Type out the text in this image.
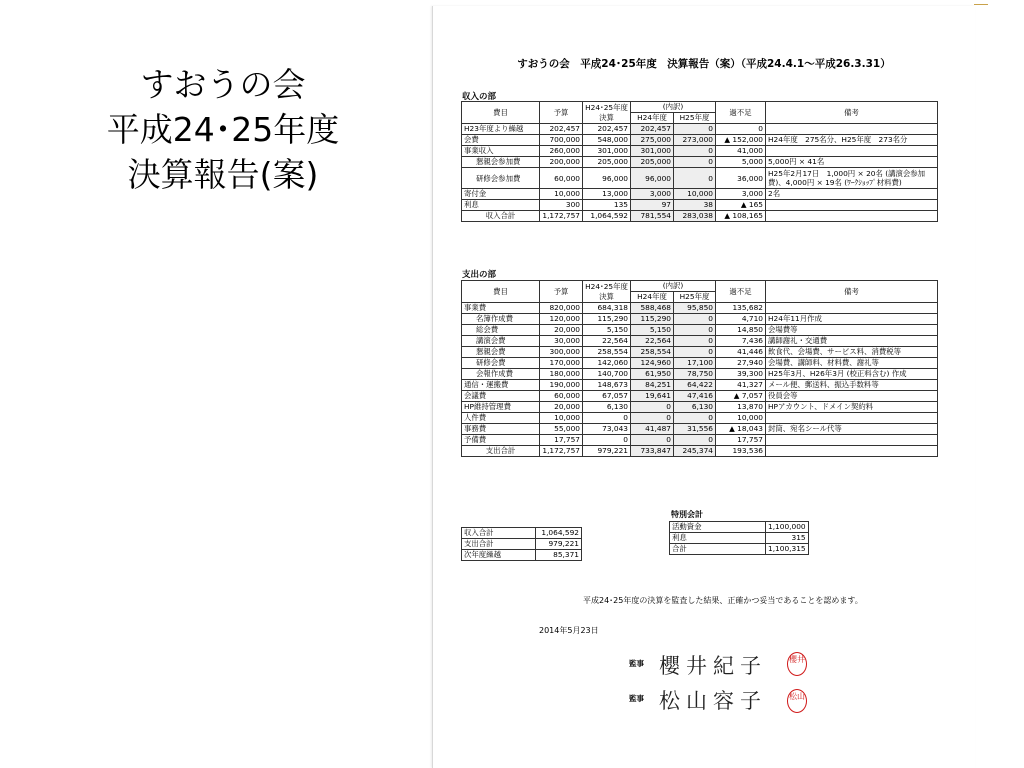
すおうの会
平成24･25年度
決算報告(案)
すおうの会　平成24･25年度　決算報告（案）（平成24.4.1～平成26.3.31）
収入の部
費目	予算	H24･25年度決算	(内訳)		過不足	備考
			H24年度	H25年度		
H23年度より繰越	202,457	202,457	202,457	0	0	
会費	700,000	548,000	275,000	273,000	▲ 152,000	H24年度　275名分、H25年度　273名分
事業収入	260,000	301,000	301,000	0	41,000	
懇親会参加費	200,000	205,000	205,000	0	5,000	5,000円 × 41名
研修会参加費	60,000	96,000	96,000	0	36,000	H25年2月17日　1,000円 × 20名 (講演会参加費)、4,000円 × 19名 (ﾜｰｸｼｮｯﾌﾟ材料費)
寄付金	10,000	13,000	3,000	10,000	3,000	2名
利息	300	135	97	38	▲ 165	
収入合計	1,172,757	1,064,592	781,554	283,038	▲ 108,165	
支出の部
費目	予算	H24･25年度決算	(内訳)		過不足	備考
			H24年度	H25年度		
事業費	820,000	684,318	588,468	95,850	135,682	
名簿作成費	120,000	115,290	115,290	0	4,710	H24年11月作成
総会費	20,000	5,150	5,150	0	14,850	会場費等
講演会費	30,000	22,564	22,564	0	7,436	講師謝礼・交通費
懇親会費	300,000	258,554	258,554	0	41,446	飲食代、会場費、サービス料、消費税等
研修会費	170,000	142,060	124,960	17,100	27,940	会場費、講師料、材料費、謝礼等
会報作成費	180,000	140,700	61,950	78,750	39,300	H25年3月、H26年3月 (校正料含む) 作成
通信・運搬費	190,000	148,673	84,251	64,422	41,327	メール便、郵送料、振込手数料等
会議費	60,000	67,057	19,641	47,416	▲ 7,057	役員会等
HP維持管理費	20,000	6,130	0	6,130	13,870	HPアカウント、ドメイン契約料
人件費	10,000	0	0	0	10,000	
事務費	55,000	73,043	41,487	31,556	▲ 18,043	封筒、宛名シール代等
予備費	17,757	0	0	0	17,757	
支出合計	1,172,757	979,221	733,847	245,374	193,536	
収入合計	1,064,592
支出合計	979,221
次年度繰越	85,371
特別会計
活動資金	1,100,000
利息	315
合計	1,100,315
平成24･25年度の決算を監査した結果、正確かつ妥当であることを認めます。
2014年5月23日
監事 櫻井紀子	櫻井
監事 松山容子	松山
